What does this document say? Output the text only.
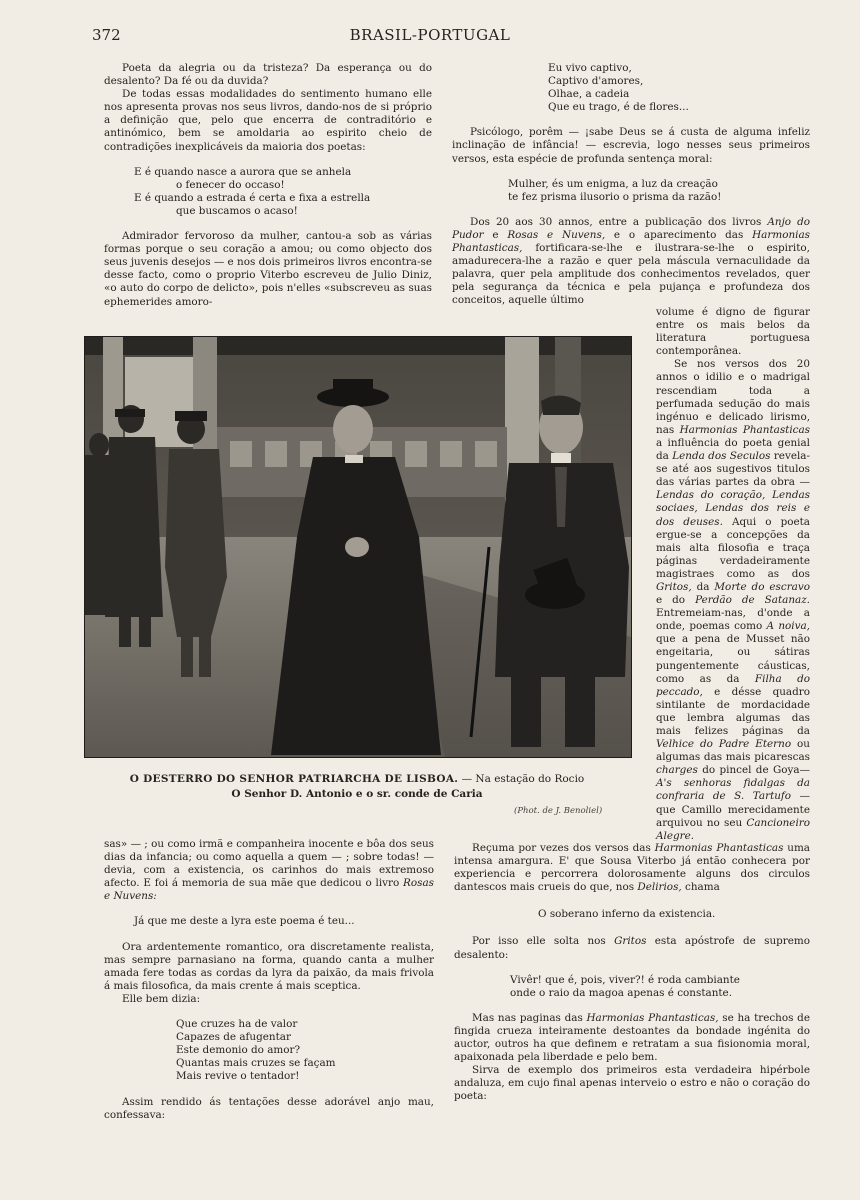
372	BRASIL-PORTUGAL

Poeta da alegria ou da tristeza? Da esperança ou do desalento? Da fé ou da duvida?

De todas essas modalidades do sentimento humano elle nos apresenta provas nos seus livros, dando-nos de si próprio a definição que, pelo que encerra de contraditório e antinómico, bem se amoldaria ao espirito cheio de contradições inexplicáveis da maioria dos poetas:

E é quando nasce a aurora que se anhela
o fenecer do occaso!
E é quando a estrada é certa e fixa a estrella
que buscamos o acaso!

Admirador fervoroso da mulher, cantou-a sob as várias formas porque o seu coração a amou; ou como objecto dos seus juvenis desejos — e nos dois primeiros livros encontra-se desse facto, como o proprio Viterbo escreveu de Julio Diniz, «o auto do corpo de delicto», pois n'elles «subscreveu as suas ephemerides amoro-

Eu vivo captivo,
Captivo d'amores,
Olhae, a cadeia
Que eu trago, é de flores...

Psicólogo, porêm — ¡sabe Deus se á custa de alguma infeliz inclinação de infância! — escrevia, logo nesses seus primeiros versos, esta espécie de profunda sentença moral:

Mulher, és um enigma, a luz da creação
te fez prisma ilusorio o prisma da razão!

Dos 20 aos 30 annos, entre a publicação dos livros Anjo do Pudor e Rosas e Nuvens, e o aparecimento das Harmonias Phantasticas, fortificara-se-lhe e ilustrara-se-lhe o espirito, amadurecera-lhe a razão e quer pela máscula vernaculidade da palavra, quer pela amplitude dos conhecimentos revelados, quer pela segurança da técnica e pela pujança e profundeza dos conceitos, aquelle último

volume é digno de figurar entre os mais belos da literatura portuguesa contemporânea.

Se nos versos dos 20 annos o idilio e o madrigal rescendiam toda a perfumada sedução do mais ingénuo e delicado lirismo, nas Harmonias Phantasticas a influência do poeta genial da Lenda dos Seculos revela-se até aos sugestivos titulos das várias partes da obra — Lendas do coração, Lendas sociaes, Lendas dos reis e dos deuses. Aqui o poeta ergue-se a concepções da mais alta filosofia e traça páginas verdadeiramente magistraes como as dos Gritos, da Morte do escravo e do Perdão de Satanaz. Entremeiam-nas, d'onde a onde, poemas como A noiva, que a pena de Musset não engeitaria, ou sátiras pungentemente cáusticas, como as da Filha do peccado, e désse quadro sintilante de mordacidade que lembra algumas das mais felizes páginas da Velhice do Padre Eterno ou algumas das mais picarescas charges do pincel de Goya—A's senhoras fidalgas da confraria de S. Tartufo — que Camillo merecidamente arquivou no seu Cancioneiro Alegre.

O DESTERRO DO SENHOR PATRIARCHA DE LISBOA. — Na estação do Rocio
O Senhor D. Antonio e o sr. conde de Caria
(Phot. de J. Benoliel)

sas» — ; ou como irmã e companheira inocente e bôa dos seus dias da infancia; ou como aquella a quem — ; sobre todas! — devia, com a existencia, os carinhos do mais extremoso afecto. E foi á memoria de sua mãe que dedicou o livro Rosas e Nuvens:

Já que me deste a lyra este poema é teu...

Ora ardentemente romantico, ora discretamente realista, mas sempre parnasiano na forma, quando canta a mulher amada fere todas as cordas da lyra da paixão, da mais frivola á mais filosofica, da mais crente á mais sceptica.

Elle bem dizia:

Que cruzes ha de valor
Capazes de afugentar
Este demonio do amor?
Quantas mais cruzes se façam
Mais revive o tentador!

Assim rendido ás tentações desse adorável anjo mau, confessava:

Reçuma por vezes dos versos das Harmonias Phantasticas uma intensa amargura. E' que Sousa Viterbo já então conhecera por experiencia e percorrera dolorosamente alguns dos circulos dantescos mais crueis do que, nos Delirios, chama

O soberano inferno da existencia.

Por isso elle solta nos Gritos esta apóstrofe de supremo desalento:

Vivêr! que é, pois, viver?! é roda cambiante
onde o raio da magoa apenas é constante.

Mas nas paginas das Harmonias Phantasticas, se ha trechos de fingida crueza inteiramente destoantes da bondade ingénita do auctor, outros ha que definem e retratam a sua fisionomia moral, apaixonada pela liberdade e pelo bem.

Sirva de exemplo dos primeiros esta verdadeira hipérbole andaluza, em cujo final apenas interveio o estro e não o coração do poeta:
